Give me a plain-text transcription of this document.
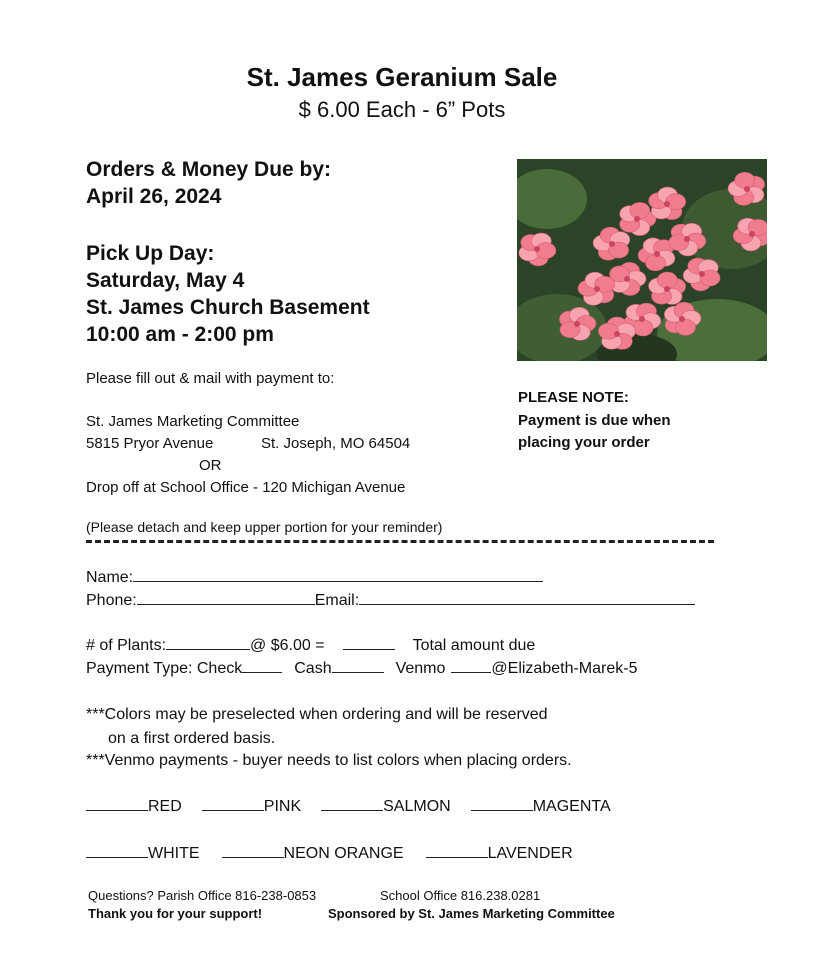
St. James Geranium Sale
$ 6.00 Each - 6” Pots
Orders & Money Due by:
April 26, 2024
Pick Up Day:
Saturday, May 4
St. James Church Basement
10:00 am - 2:00 pm
Please fill out & mail with payment to:
St. James Marketing Committee
5815 Pryor Avenue	St. Joseph, MO 64504
OR
Drop off at School Office - 120 Michigan Avenue
PLEASE NOTE:
Payment is due when
placing your order
(Please detach and keep upper portion for your reminder)
Name:
Phone:	Email:
# of Plants:	@ $6.00 =	Total amount due
Payment Type: Check	Cash	Venmo	@Elizabeth-Marek-5
***Colors may be preselected when ordering and will be reserved
on a first ordered basis.
***Venmo payments - buyer needs to list colors when placing orders.
RED	PINK	SALMON	MAGENTA
WHITE	NEON ORANGE	LAVENDER
Questions? Parish Office 816-238-0853	School Office 816.238.0281
Thank you for your support!	Sponsored by St. James Marketing Committee
